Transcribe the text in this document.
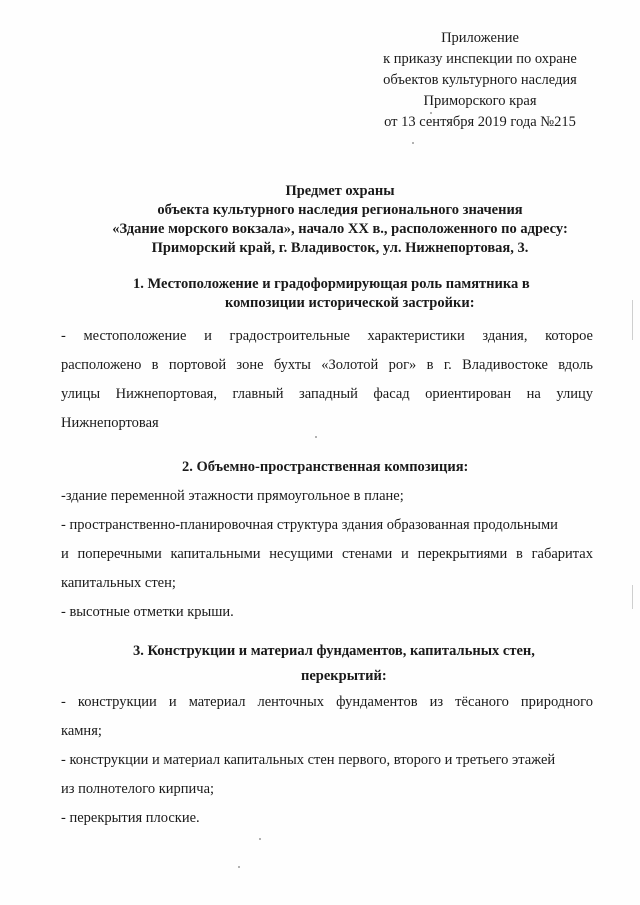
Приложение
к приказу инспекции по охране
объектов культурного наследия
Приморского края
от 13 сентября 2019 года №215
Предмет охраны
объекта культурного наследия регионального значения
«Здание морского вокзала», начало ХХ в., расположенного по адресу:
Приморский край, г. Владивосток, ул. Нижнепортовая, 3.
1. Местоположение и градоформирующая роль памятника в
композиции исторической застройки:
- местоположение и градостроительные характеристики здания, которое
расположено в портовой зоне бухты «Золотой рог» в г. Владивостоке вдоль
улицы Нижнепортовая, главный западный фасад ориентирован на улицу
Нижнепортовая
2. Объемно-пространственная композиция:
-здание переменной этажности прямоугольное в плане;
- пространственно-планировочная структура здания образованная продольными
и поперечными капитальными несущими стенами и перекрытиями в габаритах
капитальных стен;
- высотные отметки крыши.
3. Конструкции и материал фундаментов, капитальных стен,
перекрытий:
- конструкции и материал ленточных фундаментов из тёсаного природного
камня;
- конструкции и материал капитальных стен первого, второго и третьего этажей
из полнотелого кирпича;
- перекрытия плоские.
